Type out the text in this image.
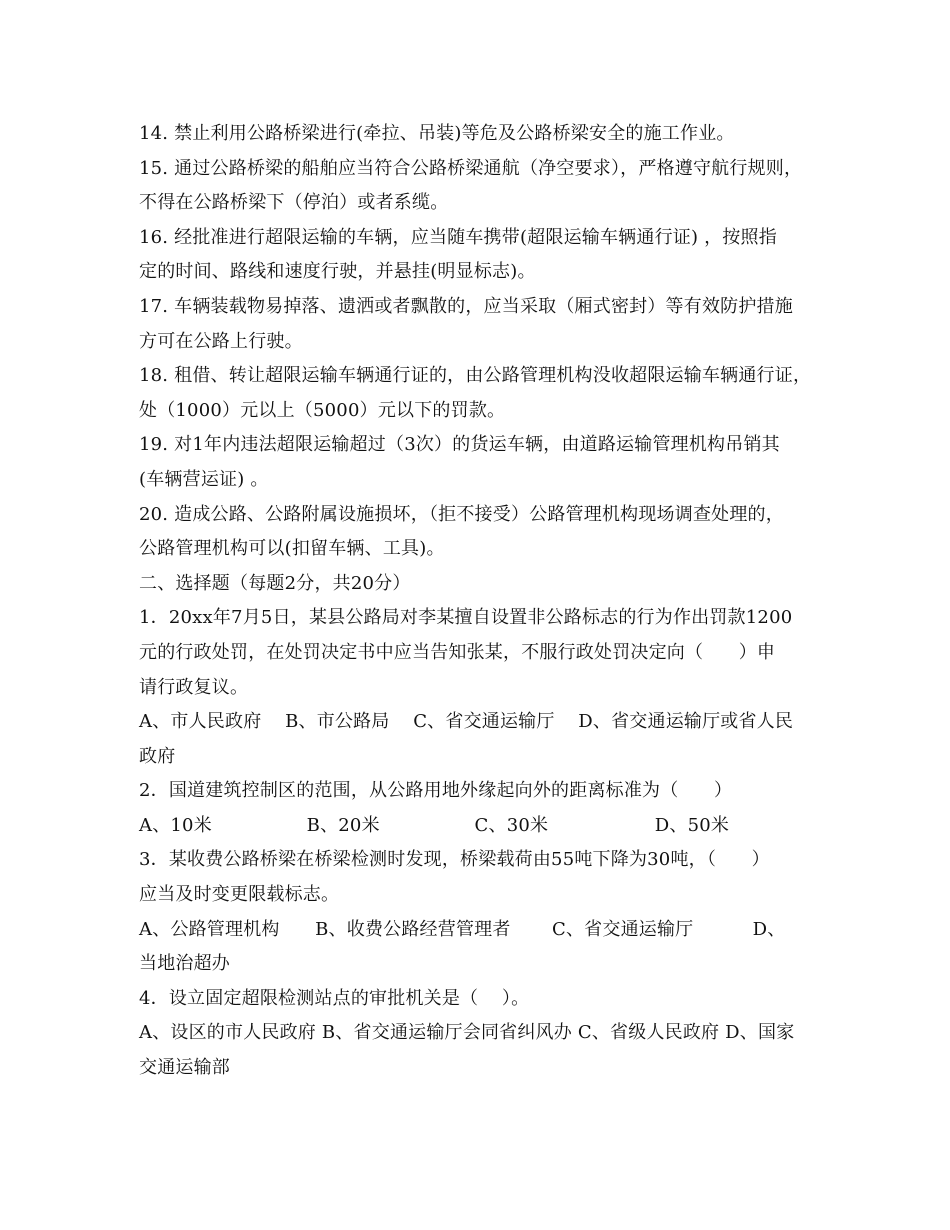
14. 禁止利用公路桥梁进行(牵拉、吊装)等危及公路桥梁安全的施工作业。
15. 通过公路桥梁的船舶应当符合公路桥梁通航（净空要求），严格遵守航行规则，
不得在公路桥梁下（停泊）或者系缆。
16. 经批准进行超限运输的车辆，应当随车携带(超限运输车辆通行证) ，按照指
定的时间、路线和速度行驶，并悬挂(明显标志)。
17. 车辆装载物易掉落、遗洒或者飘散的，应当采取（厢式密封）等有效防护措施
方可在公路上行驶。
18. 租借、转让超限运输车辆通行证的，由公路管理机构没收超限运输车辆通行证，
处（1000）元以上（5000）元以下的罚款。
19. 对1年内违法超限运输超过（3次）的货运车辆，由道路运输管理机构吊销其
(车辆营运证) 。
20. 造成公路、公路附属设施损坏，（拒不接受）公路管理机构现场调查处理的，
公路管理机构可以(扣留车辆、工具)。
二、选择题（每题2分，共20分）
1．20xx年7月5日，某县公路局对李某擅自设置非公路标志的行为作出罚款1200
元的行政处罚，在处罚决定书中应当告知张某，不服行政处罚决定向（      ）申
请行政复议。
A、市人民政府    B、市公路局    C、省交通运输厅    D、省交通运输厅或省人民
政府
2．国道建筑控制区的范围，从公路用地外缘起向外的距离标准为（      ）
A、10米                B、20米                C、30米                  D、50米
3．某收费公路桥梁在桥梁检测时发现，桥梁载荷由55吨下降为30吨，（      ）
应当及时变更限载标志。
A、公路管理机构      B、收费公路经营管理者       C、省交通运输厅          D、
当地治超办
4．设立固定超限检测站点的审批机关是（    ）。
A、设区的市人民政府 B、省交通运输厅会同省纠风办 C、省级人民政府 D、国家
交通运输部
